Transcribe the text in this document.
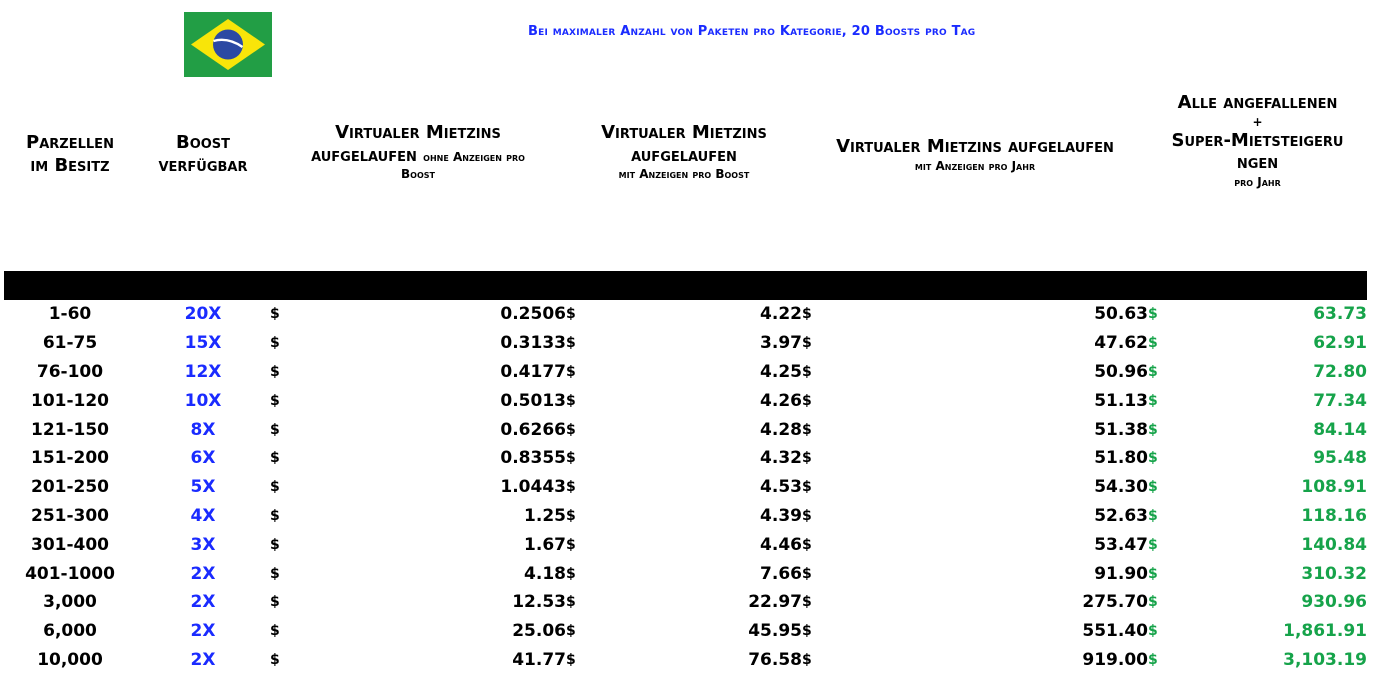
Bei maximaler Anzahl von Paketen pro Kategorie, 20 Boosts pro Tag
Parzellen
im Besitz
Boost
verfügbar
Virtualer Mietzins
aufgelaufen ohne Anzeigen pro
Boost
Virtualer Mietzins
aufgelaufen
mit Anzeigen pro Boost
Virtualer Mietzins aufgelaufen
mit Anzeigen pro Jahr
Alle angefallenen
+
Super-Mietsteigeru
ngen
pro Jahr
1-60	20X	$	0.2506	$	4.22	$	50.63	$	63.73
61-75	15X	$	0.3133	$	3.97	$	47.62	$	62.91
76-100	12X	$	0.4177	$	4.25	$	50.96	$	72.80
101-120	10X	$	0.5013	$	4.26	$	51.13	$	77.34
121-150	8X	$	0.6266	$	4.28	$	51.38	$	84.14
151-200	6X	$	0.8355	$	4.32	$	51.80	$	95.48
201-250	5X	$	1.0443	$	4.53	$	54.30	$	108.91
251-300	4X	$	1.25	$	4.39	$	52.63	$	118.16
301-400	3X	$	1.67	$	4.46	$	53.47	$	140.84
401-1000	2X	$	4.18	$	7.66	$	91.90	$	310.32
3,000	2X	$	12.53	$	22.97	$	275.70	$	930.96
6,000	2X	$	25.06	$	45.95	$	551.40	$	1,861.91
10,000	2X	$	41.77	$	76.58	$	919.00	$	3,103.19
